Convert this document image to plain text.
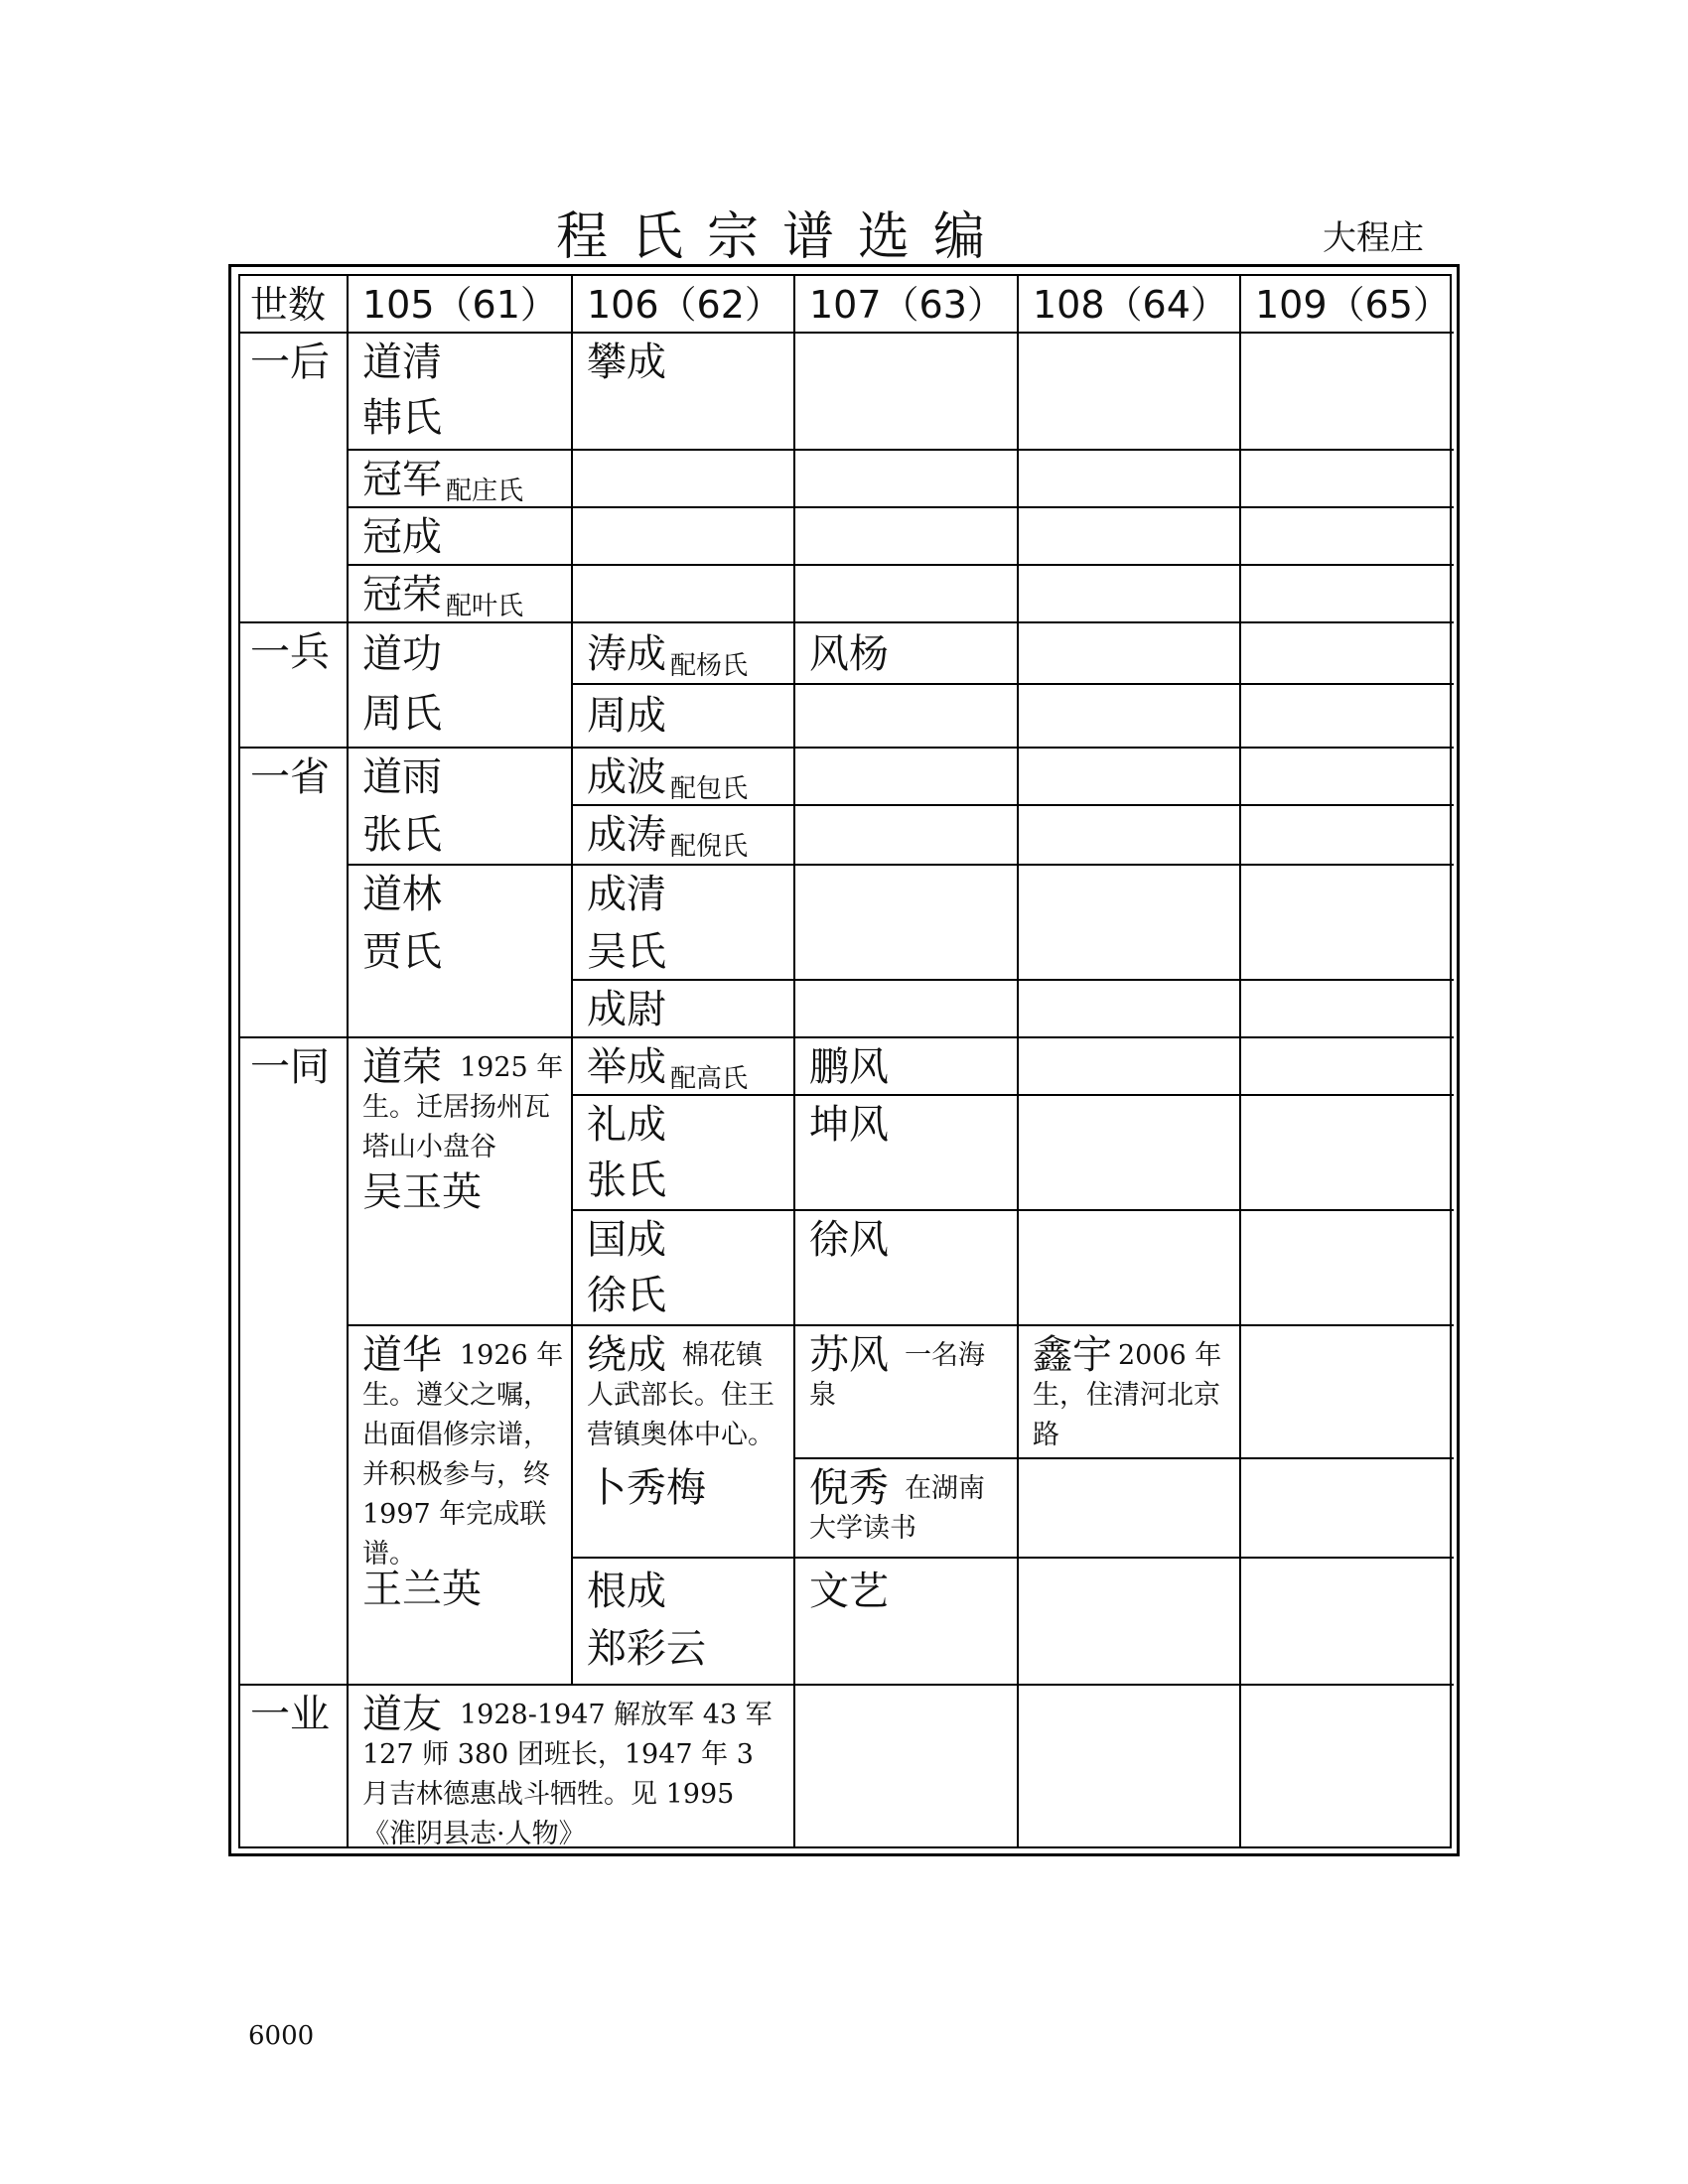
程氏宗谱选编	大程庄
世数 105（61） 106（62） 107（63） 108（64） 109（65）
一后 道清
韩氏
攀成
冠军 配庄氏
冠成
冠荣 配叶氏
一兵 道功
周氏
涛成 配杨氏 风杨
周成
一省 道雨
张氏
成波 配包氏
成涛 配倪氏
道林
贾氏
成清
吴氏
成尉
一同 道荣 1925 年
生。迁居扬州瓦塔山小盘谷
吴玉英
举成 配高氏 鹏风
礼成
张氏
坤风
国成
徐氏
徐风
道华 1926 年
生。遵父之嘱，出面倡修宗谱，并积极参与，终 1997 年完成联谱。
王兰英
绕成 棉花镇
人武部长。住王营镇奥体中心。
卜秀梅
苏风 一名海
泉
鑫宇 2006 年
生，住清河北京路
倪秀 在湖南
大学读书
根成
郑彩云
文艺
一业 道友 1928-1947 解放军 43 军 127 师 380 团班长，1947 年 3 月吉林德惠战斗牺牲。见 1995《淮阴县志·人物》
6000
